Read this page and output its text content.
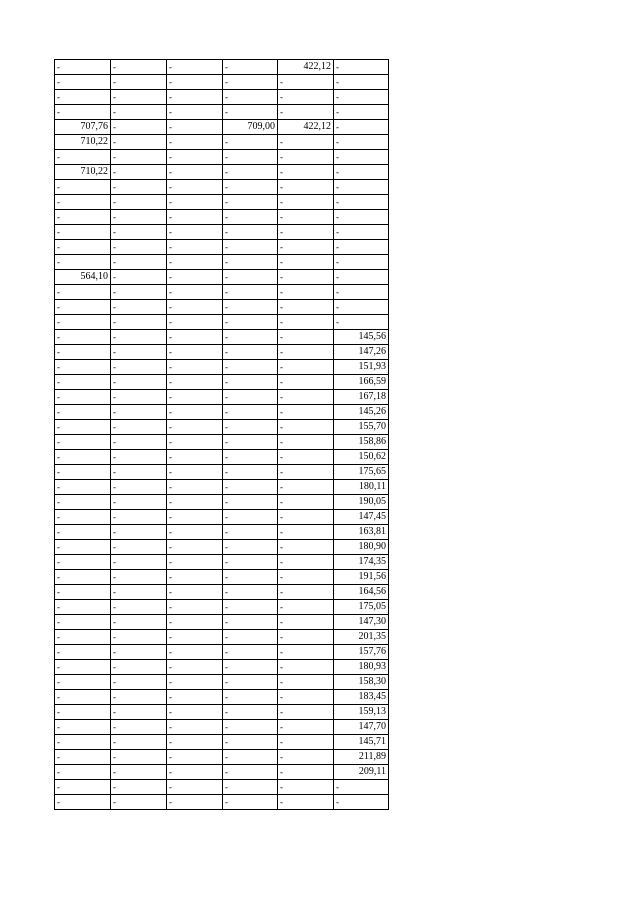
-	-	-	-	422,12	-
-	-	-	-	-	-
-	-	-	-	-	-
-	-	-	-	-	-
707,76	-	-	709,00	422,12	-
710,22	-	-	-	-	-
-	-	-	-	-	-
710,22	-	-	-	-	-
-	-	-	-	-	-
-	-	-	-	-	-
-	-	-	-	-	-
-	-	-	-	-	-
-	-	-	-	-	-
-	-	-	-	-	-
564,10	-	-	-	-	-
-	-	-	-	-	-
-	-	-	-	-	-
-	-	-	-	-	-
-	-	-	-	-	145,56
-	-	-	-	-	147,26
-	-	-	-	-	151,93
-	-	-	-	-	166,59
-	-	-	-	-	167,18
-	-	-	-	-	145,26
-	-	-	-	-	155,70
-	-	-	-	-	158,86
-	-	-	-	-	150,62
-	-	-	-	-	175,65
-	-	-	-	-	180,11
-	-	-	-	-	190,05
-	-	-	-	-	147,45
-	-	-	-	-	163,81
-	-	-	-	-	180,90
-	-	-	-	-	174,35
-	-	-	-	-	191,56
-	-	-	-	-	164,56
-	-	-	-	-	175,05
-	-	-	-	-	147,30
-	-	-	-	-	201,35
-	-	-	-	-	157,76
-	-	-	-	-	180,93
-	-	-	-	-	158,30
-	-	-	-	-	183,45
-	-	-	-	-	159,13
-	-	-	-	-	147,70
-	-	-	-	-	145,71
-	-	-	-	-	211,89
-	-	-	-	-	209,11
-	-	-	-	-	-
-	-	-	-	-	-
